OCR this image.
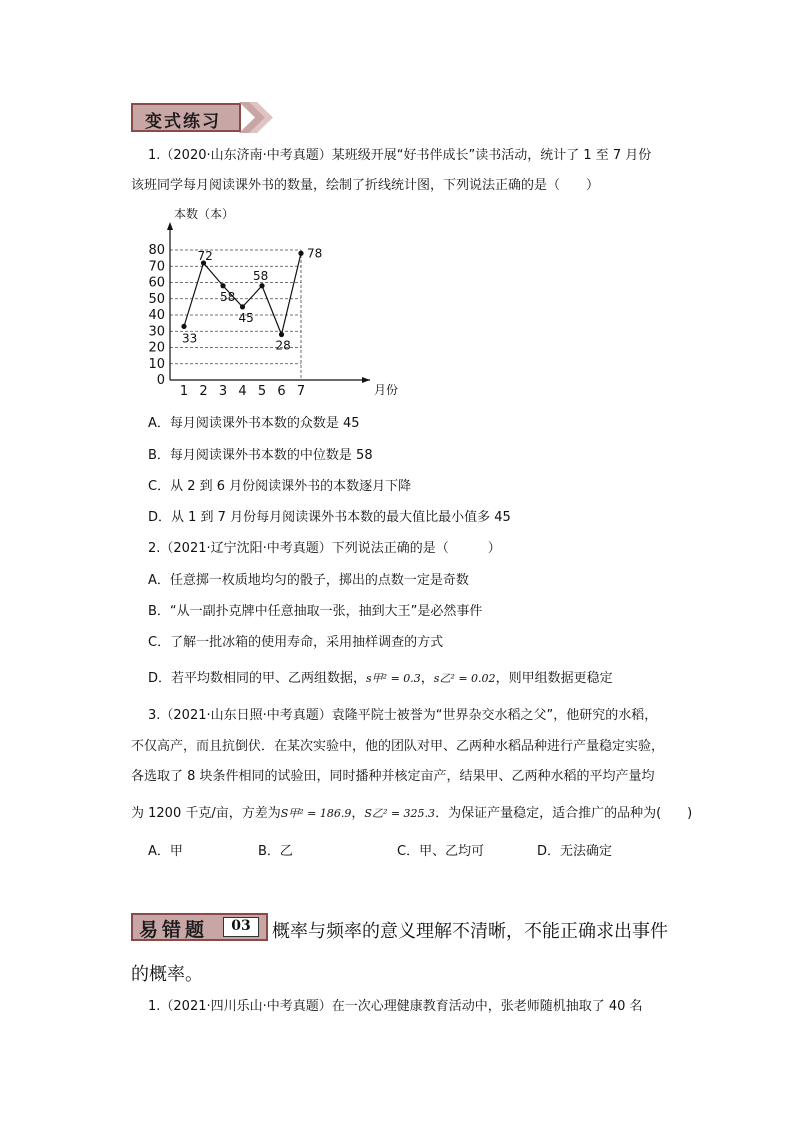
变式练习
1.（2020·山东济南·中考真题）某班级开展“好书伴成长”读书活动，统计了 1 至 7 月份
该班同学每月阅读课外书的数量，绘制了折线统计图，下列说法正确的是（　　）
0
10
20
30
40
50
60
70
80
1 2 3 4 5 6 7
33
72
58
45
58
28
78
本数（本）
月份
A．每月阅读课外书本数的众数是 45
B．每月阅读课外书本数的中位数是 58
C．从 2 到 6 月份阅读课外书的本数逐月下降
D．从 1 到 7 月份每月阅读课外书本数的最大值比最小值多 45
2.（2021·辽宁沈阳·中考真题）下列说法正确的是（　　　）
A．任意掷一枚质地均匀的骰子，掷出的点数一定是奇数
B．“从一副扑克牌中任意抽取一张，抽到大王”是必然事件
C．了解一批冰箱的使用寿命，采用抽样调查的方式
D．若平均数相同的甲、乙两组数据，s甲² = 0.3，s乙² = 0.02，则甲组数据更稳定
3.（2021·山东日照·中考真题）袁隆平院士被誉为“世界杂交水稻之父”，他研究的水稻，
不仅高产，而且抗倒伏．在某次实验中，他的团队对甲、乙两种水稻品种进行产量稳定实验，
各选取了 8 块条件相同的试验田，同时播种并核定亩产，结果甲、乙两种水稻的平均产量均
为 1200 千克/亩，方差为S甲² = 186.9，S乙² = 325.3．为保证产量稳定，适合推广的品种为(　　)
A．甲	B．乙	C．甲、乙均可	D．无法确定
易错题	03	概率与频率的意义理解不清晰，不能正确求出事件
的概率。
1.（2021·四川乐山·中考真题）在一次心理健康教育活动中，张老师随机抽取了 40 名
